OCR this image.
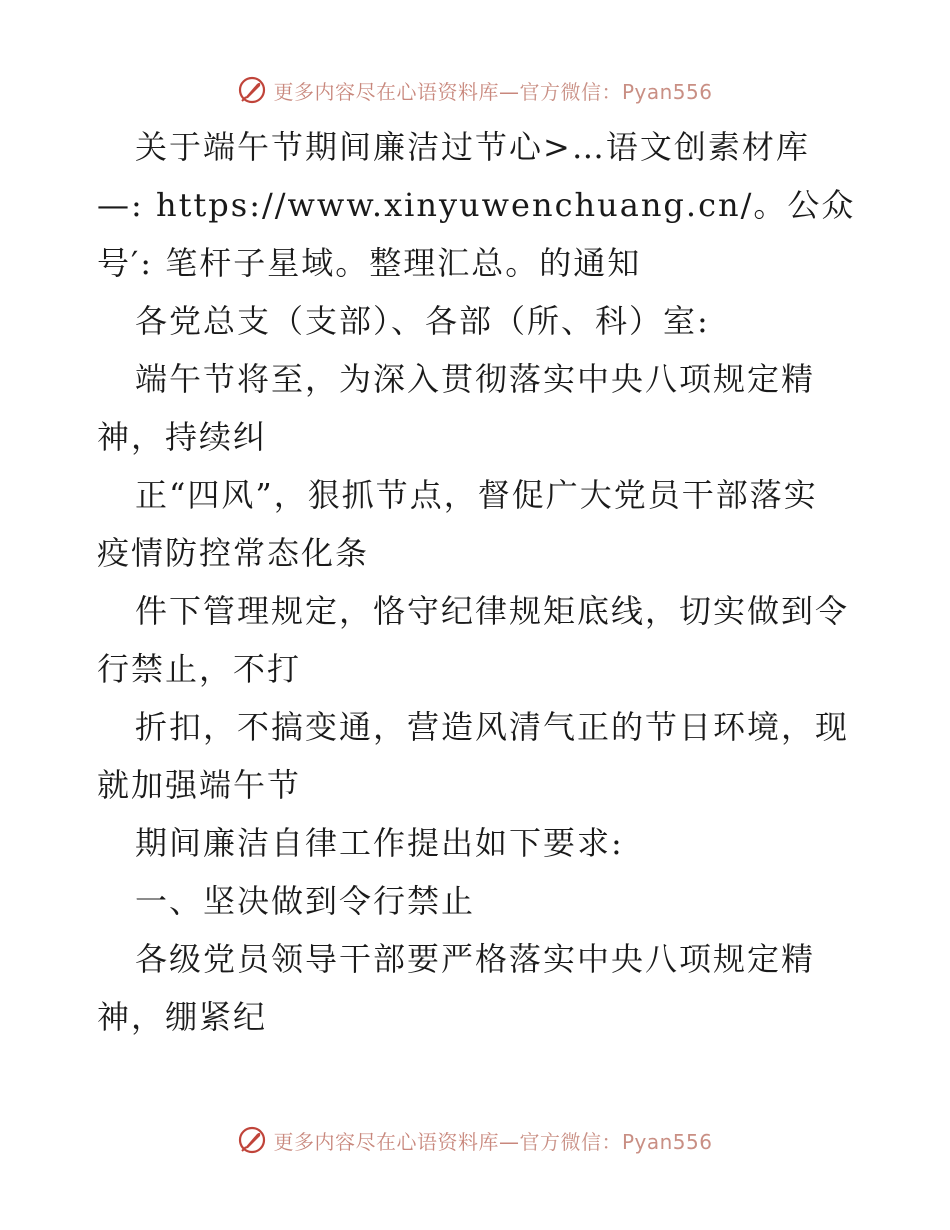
更多内容尽在心语资料库—官方微信：Pyan556
关于端午节期间廉洁过节心>…语文创素材库
—: https://www.xinyuwenchuang.cn/。公众
号′: 笔杆子星域。整理汇总。的通知
各党总支（支部）、各部（所、科）室:
端午节将至，为深入贯彻落实中央八项规定精
神，持续纠
正“四风”，狠抓节点，督促广大党员干部落实
疫情防控常态化条
件下管理规定，恪守纪律规矩底线，切实做到令
行禁止，不打
折扣，不搞变通，营造风清气正的节日环境，现
就加强端午节
期间廉洁自律工作提出如下要求:
一、坚决做到令行禁止
各级党员领导干部要严格落实中央八项规定精
神，绷紧纪
更多内容尽在心语资料库—官方微信：Pyan556
